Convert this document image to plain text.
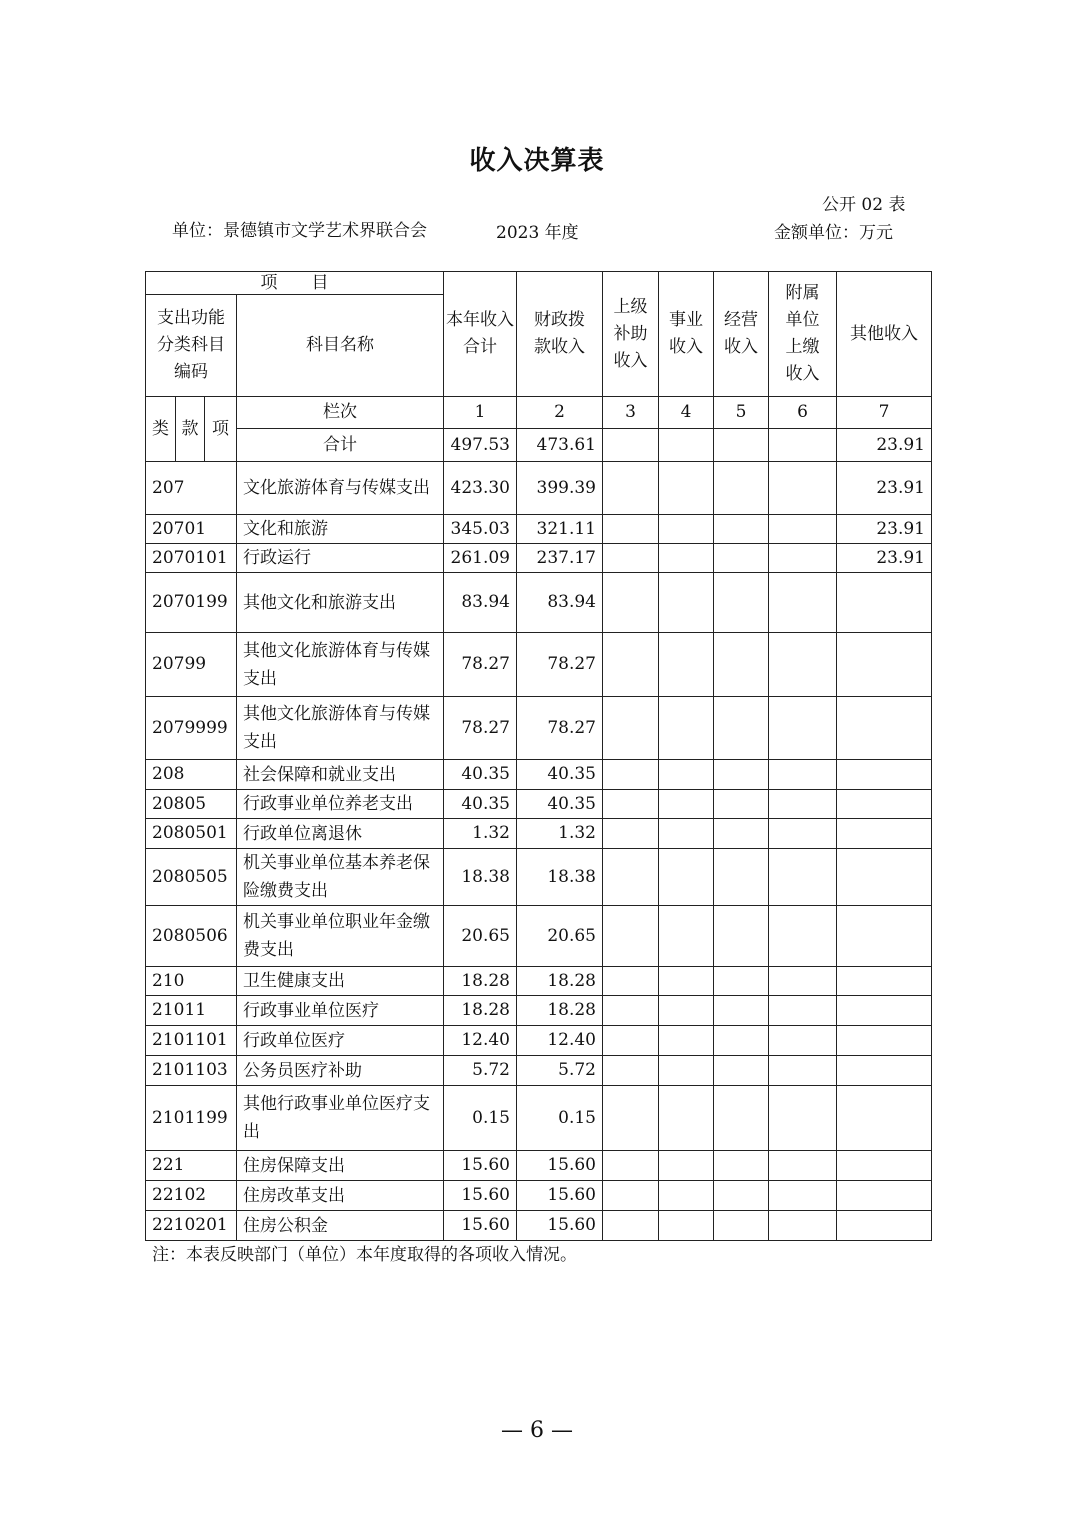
收入决算表
公开 02 表
单位：景德镇市文学艺术界联合会	2023 年度	金额单位：万元
项　　目				本年收入合计	财政拨款收入	上级补助收入	事业收入	经营收入	附属单位上缴收入	其他收入
支出功能分类科目编码			科目名称							
类	款	项	栏次	1	2	3	4	5	6	7
			合计	497.53	473.61					23.91
207			文化旅游体育与传媒支出	423.30	399.39					23.91
20701			文化和旅游	345.03	321.11					23.91
2070101			行政运行	261.09	237.17					23.91
2070199			其他文化和旅游支出	83.94	83.94					
20799			其他文化旅游体育与传媒支出	78.27	78.27					
2079999			其他文化旅游体育与传媒支出	78.27	78.27					
208			社会保障和就业支出	40.35	40.35					
20805			行政事业单位养老支出	40.35	40.35					
2080501			行政单位离退休	1.32	1.32					
2080505			机关事业单位基本养老保险缴费支出	18.38	18.38					
2080506			机关事业单位职业年金缴费支出	20.65	20.65					
210			卫生健康支出	18.28	18.28					
21011			行政事业单位医疗	18.28	18.28					
2101101			行政单位医疗	12.40	12.40					
2101103			公务员医疗补助	5.72	5.72					
2101199			其他行政事业单位医疗支出	0.15	0.15					
221			住房保障支出	15.60	15.60					
22102			住房改革支出	15.60	15.60					
2210201			住房公积金	15.60	15.60					
注：本表反映部门（单位）本年度取得的各项收入情况。
— 6 —
